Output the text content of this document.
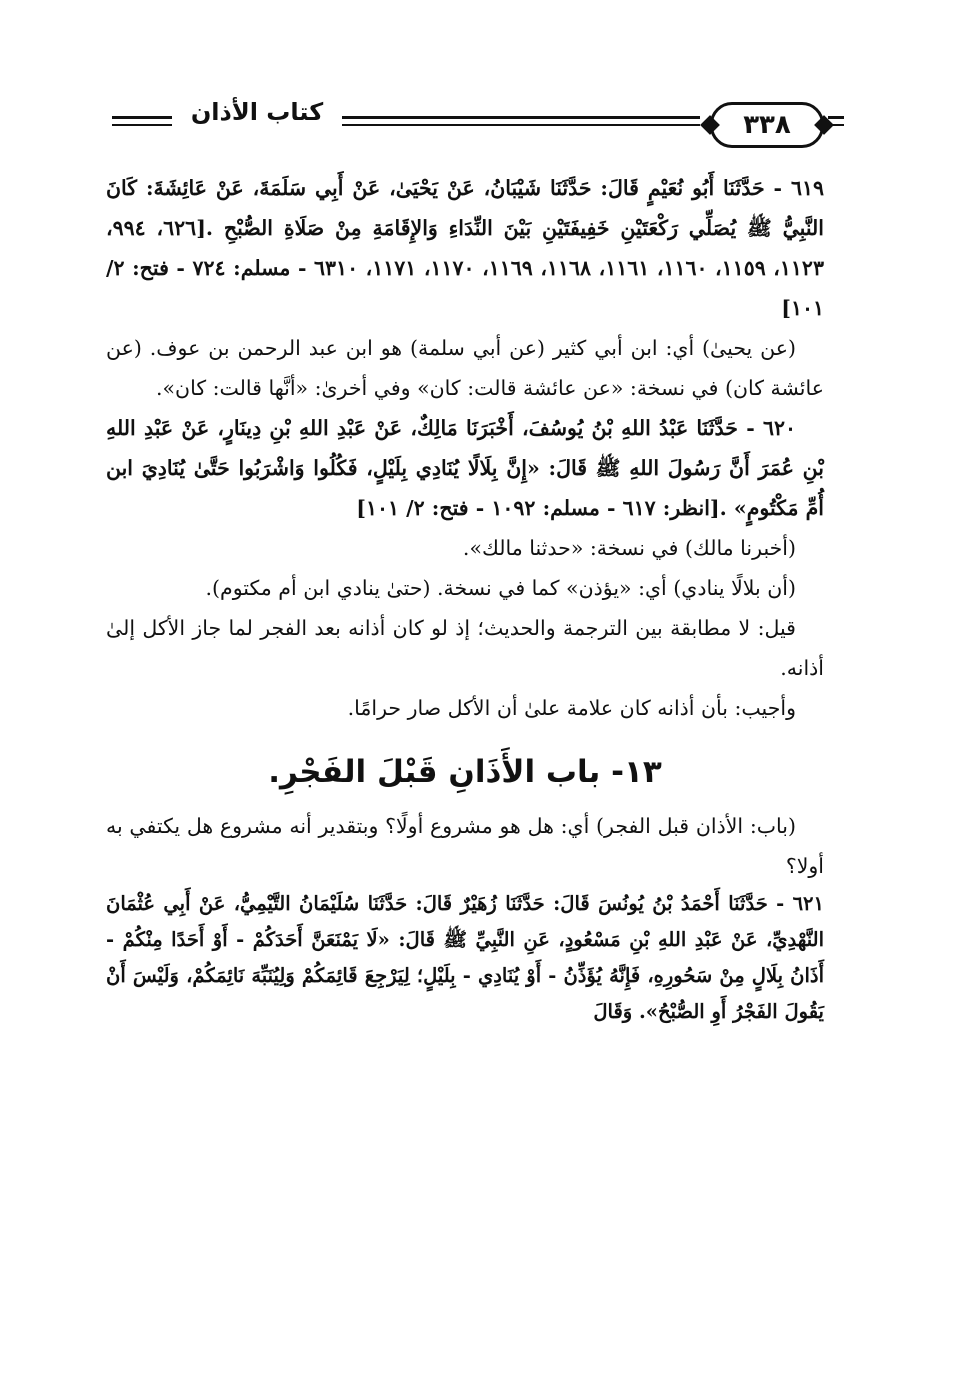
كتاب الأذان	٣٣٨

٦١٩ - حَدَّثَنَا أَبُو نُعَيْمٍ قَالَ: حَدَّثَنَا شَيْبَانُ، عَنْ يَحْيَىٰ، عَنْ أَبِي سَلَمَةَ، عَنْ عَائِشَةَ: كَانَ النَّبِيُّ ﷺ يُصَلِّي رَكْعَتَيْنِ خَفِيفَتَيْنِ بَيْنَ النِّدَاءِ وَالإِقَامَةِ مِنْ صَلَاةِ الصُّبْحِ .[٦٢٦، ٩٩٤، ١١٢٣، ١١٥٩، ١١٦٠، ١١٦١، ١١٦٨، ١١٦٩، ١١٧٠، ١١٧١، ٦٣١٠ - مسلم: ٧٢٤ - فتح: ٢/ ١٠١]

(عن يحيىٰ) أي: ابن أبي كثير (عن أبي سلمة) هو ابن عبد الرحمن بن عوف. (عن عائشة كان) في نسخة: «عن عائشة قالت: كان» وفي أخرىٰ: «أنَّها قالت: كان».

٦٢٠ - حَدَّثَنَا عَبْدُ اللهِ بْنُ يُوسُفَ، أَخْبَرَنَا مَالِكٌ، عَنْ عَبْدِ اللهِ بْنِ دِينَارٍ، عَنْ عَبْدِ اللهِ بْنِ عُمَرَ أَنَّ رَسُولَ اللهِ ﷺ قَالَ: «إِنَّ بِلَالًا يُنَادِي بِلَيْلٍ، فَكُلُوا وَاشْرَبُوا حَتَّىٰ يُنَادِيَ ابن أُمِّ مَكْتُومٍ» .[انظر: ٦١٧ - مسلم: ١٠٩٢ - فتح: ٢/ ١٠١]

(أخبرنا مالك) في نسخة: «حدثنا مالك».

(أن بلالًا ينادي) أي: «يؤذن» كما في نسخة. (حتىٰ ينادي ابن أم مكتوم).

قيل: لا مطابقة بين الترجمة والحديث؛ إذ لو كان أذانه بعد الفجر لما جاز الأكل إلىٰ أذانه.

وأجيب: بأن أذانه كان علامة علىٰ أن الأكل صار حرامًا.

١٣- باب الأَذَانِ قَبْلَ الفَجْرِ.

(باب: الأذان قبل الفجر) أي: هل هو مشروع أولًا؟ وبتقدير أنه مشروع هل يكتفي به أولا؟

٦٢١ - حَدَّثَنَا أَحْمَدُ بْنُ يُونُسَ قَالَ: حَدَّثَنَا زُهَيْرٌ قَالَ: حَدَّثَنَا سُلَيْمَانُ التَّيْمِيُّ، عَنْ أَبِي عُثْمَانَ النَّهْدِيِّ، عَنْ عَبْدِ اللهِ بْنِ مَسْعُودٍ، عَنِ النَّبِيِّ ﷺ قَالَ: «لَا يَمْنَعَنَّ أَحَدَكُمْ - أَوْ أَحَدًا مِنْكُمْ - أَذَانُ بِلَالٍ مِنْ سَحُورِهِ، فَإِنَّهُ يُؤَذِّنُ - أَوْ يُنَادِي - بِلَيْلٍ؛ لِيَرْجِعَ قَائِمَكُمْ وَلِيُنَبِّهَ نَائِمَكُمْ، وَلَيْسَ أَنْ يَقُولَ الفَجْرُ أَوِ الصُّبْحُ». وَقَالَ
